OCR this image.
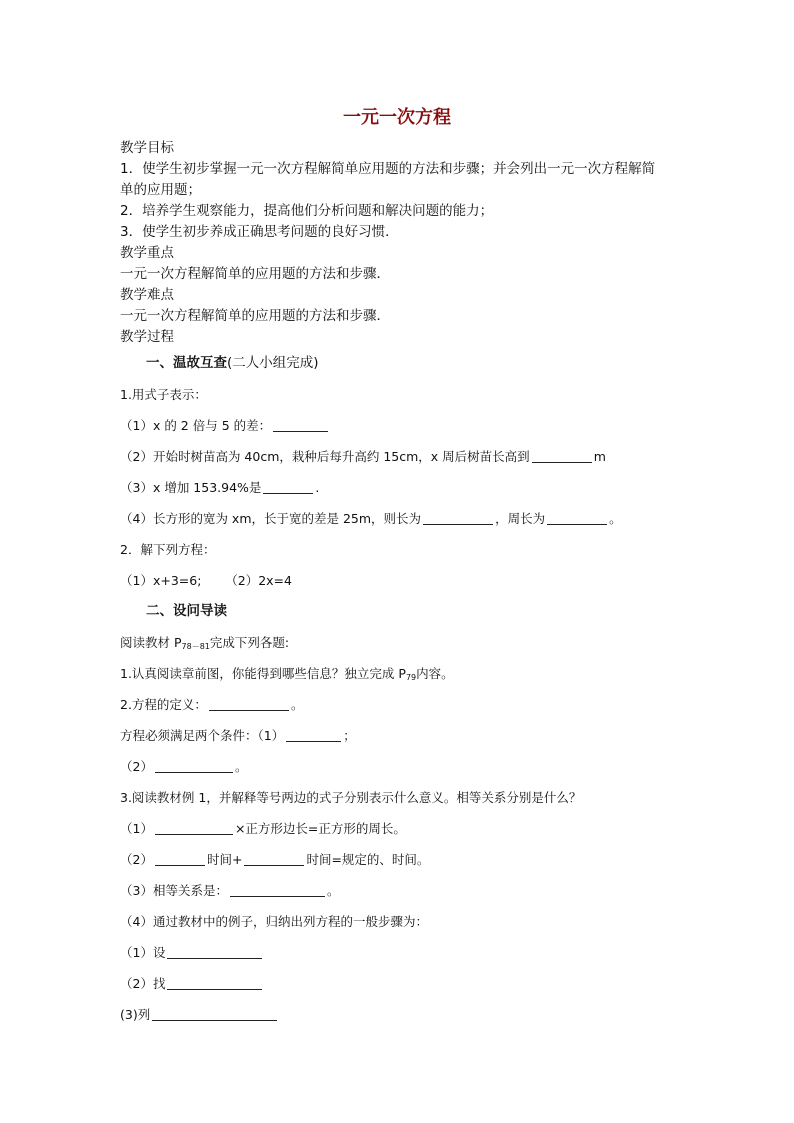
一元一次方程
教学目标
1．使学生初步掌握一元一次方程解简单应用题的方法和步骤；并会列出一元一次方程解简
单的应用题；
2．培养学生观察能力，提高他们分析问题和解决问题的能力；
3．使学生初步养成正确思考问题的良好习惯．
教学重点
一元一次方程解简单的应用题的方法和步骤．
教学难点
一元一次方程解简单的应用题的方法和步骤．
教学过程
一、温故互查(二人小组完成)
1.用式子表示：
（1）x 的 2 倍与 5 的差：
（2）开始时树苗高为 40cm，栽种后每升高约 15cm，x 周后树苗长高到	m
（3）x 增加 153.94%是	.
（4）长方形的宽为 xm，长于宽的差是 25m，则长为	，周长为	。
2．解下列方程：
（1）x+3=6;      （2）2x=4
二、设问导读
阅读教材 $P_{78-81}$完成下列各题:
1.认真阅读章前图，你能得到哪些信息？独立完成 $P_{79}$内容。
2.方程的定义：	。
方程必须满足两个条件：（1）	；
（2）	。
3.阅读教材例 1，并解释等号两边的式子分别表示什么意义。相等关系分别是什么？
（1）	×正方形边长=正方形的周长。
（2）	时间+	时间=规定的、时间。
（3）相等关系是：	。
（4）通过教材中的例子，归纳出列方程的一般步骤为：
（1）设
（2）找
(3)列
